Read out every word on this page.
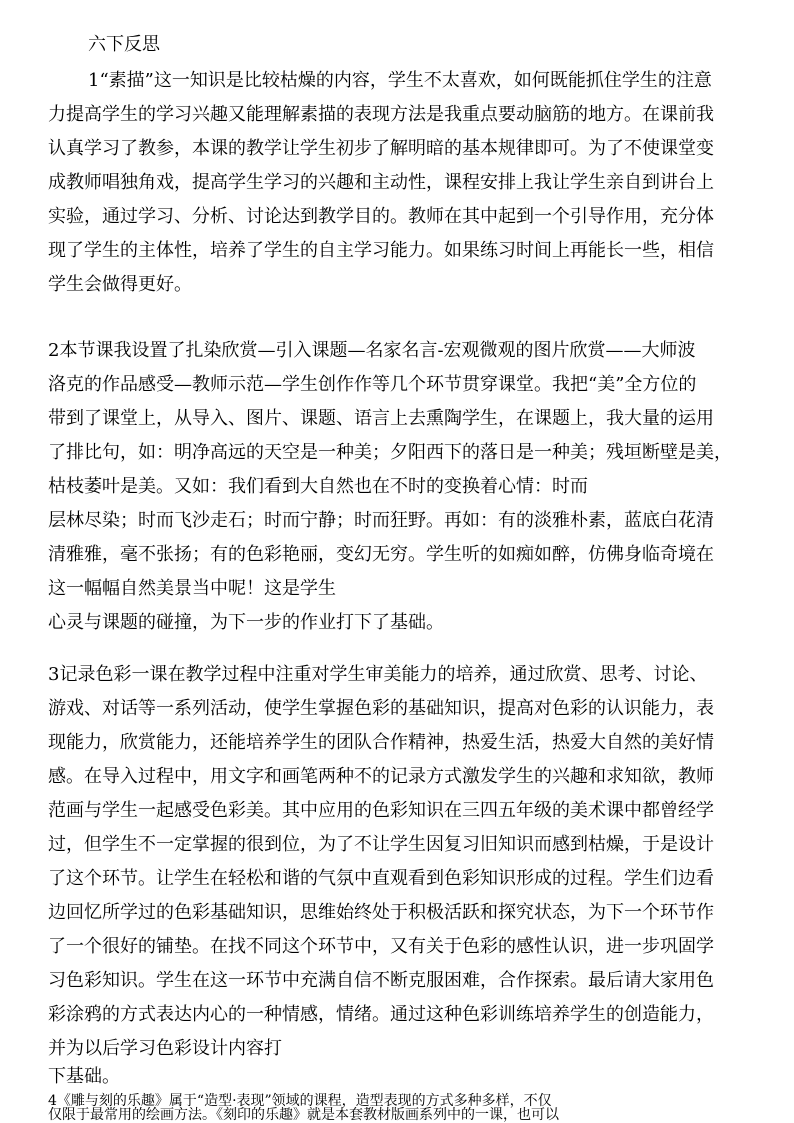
六下反思
1“素描”这一知识是比较枯燥的内容，学生不太喜欢，如何既能抓住学生的注意
力提高学生的学习兴趣又能理解素描的表现方法是我重点要动脑筋的地方。在课前我
认真学习了教参，本课的教学让学生初步了解明暗的基本规律即可。为了不使课堂变
成教师唱独角戏，提高学生学习的兴趣和主动性，课程安排上我让学生亲自到讲台上
实验，通过学习、分析、讨论达到教学目的。教师在其中起到一个引导作用，充分体
现了学生的主体性，培养了学生的自主学习能力。如果练习时间上再能长一些，相信
学生会做得更好。
2本节课我设置了扎染欣赏—引入课题—名家名言-宏观微观的图片欣赏——大师波
洛克的作品感受—教师示范—学生创作作等几个环节贯穿课堂。我把“美”全方位的
带到了课堂上，从导入、图片、课题、语言上去熏陶学生，在课题上，我大量的运用
了排比句，如：明净高远的天空是一种美；夕阳西下的落日是一种美；残垣断壁是美，
枯枝萎叶是美。又如：我们看到大自然也在不时的变换着心情：时而
层林尽染；时而飞沙走石；时而宁静；时而狂野。再如：有的淡雅朴素，蓝底白花清
清雅雅，毫不张扬；有的色彩艳丽，变幻无穷。学生听的如痴如醉，仿佛身临奇境在
这一幅幅自然美景当中呢！这是学生
心灵与课题的碰撞，为下一步的作业打下了基础。
3记录色彩一课在教学过程中注重对学生审美能力的培养，通过欣赏、思考、讨论、
游戏、对话等一系列活动，使学生掌握色彩的基础知识，提高对色彩的认识能力，表
现能力，欣赏能力，还能培养学生的团队合作精神，热爱生活，热爱大自然的美好情
感。在导入过程中，用文字和画笔两种不的记录方式激发学生的兴趣和求知欲，教师
范画与学生一起感受色彩美。其中应用的色彩知识在三四五年级的美术课中都曾经学
过，但学生不一定掌握的很到位，为了不让学生因复习旧知识而感到枯燥，于是设计
了这个环节。让学生在轻松和谐的气氛中直观看到色彩知识形成的过程。学生们边看
边回忆所学过的色彩基础知识，思维始终处于积极活跃和探究状态，为下一个环节作
了一个很好的铺垫。在找不同这个环节中，又有关于色彩的感性认识，进一步巩固学
习色彩知识。学生在这一环节中充满自信不断克服困难，合作探索。最后请大家用色
彩涂鸦的方式表达内心的一种情感，情绪。通过这种色彩训练培养学生的创造能力，
并为以后学习色彩设计内容打
下基础。
4《雕与刻的乐趣》属于“造型·表现”领域的课程，造型表现的方式多种多样，不仅
仅限于最常用的绘画方法。《刻印的乐趣》就是本套教材版画系列中的一课，也可以
